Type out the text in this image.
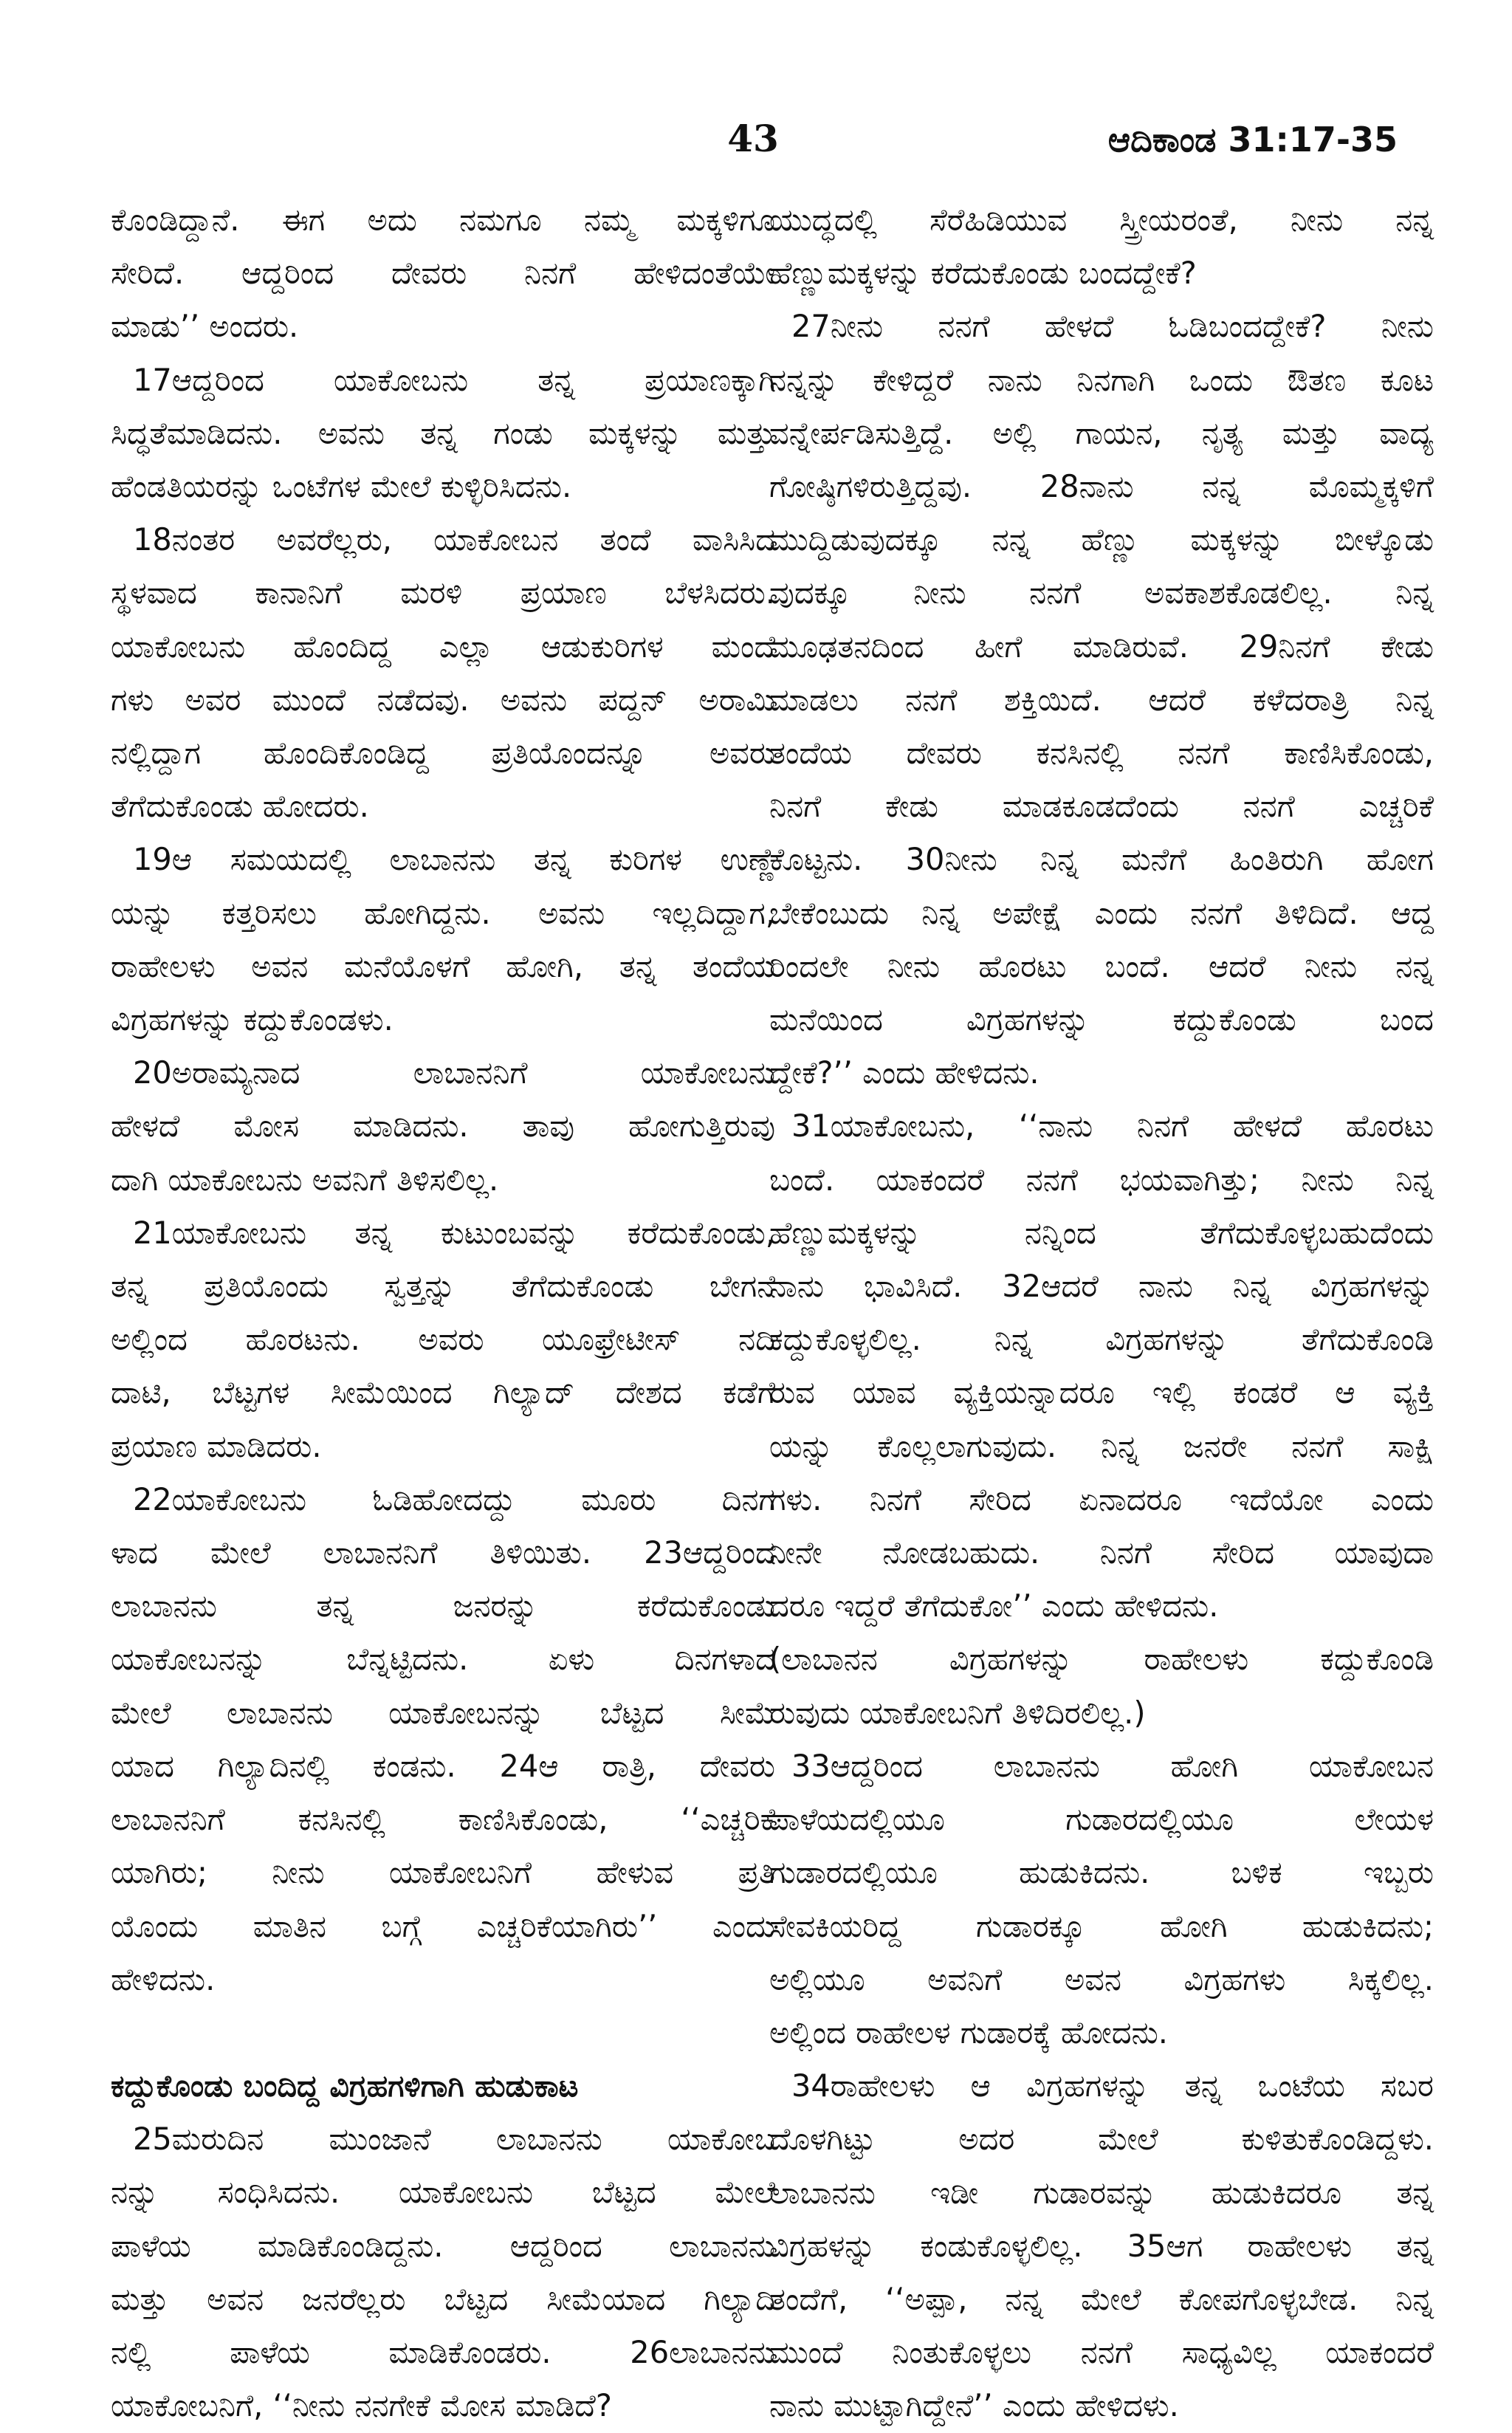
43	ಆದಿಕಾಂಡ 31:17-35
ಕೊಂಡಿದ್ದಾನೆ. ಈಗ ಅದು ನಮಗೂ ನಮ್ಮ ಮಕ್ಕಳಿಗೂ
ಸೇರಿದೆ. ಆದ್ದರಿಂದ ದೇವರು ನಿನಗೆ ಹೇಳಿದಂತೆಯೇ
ಮಾಡು’’ ಅಂದರು.
17ಆದ್ದರಿಂದ ಯಾಕೋಬನು ತನ್ನ ಪ್ರಯಾಣಕ್ಕಾಗಿ
ಸಿದ್ಧತೆಮಾಡಿದನು. ಅವನು ತನ್ನ ಗಂಡು ಮಕ್ಕಳನ್ನು ಮತ್ತು
ಹೆಂಡತಿಯರನ್ನು ಒಂಟೆಗಳ ಮೇಲೆ ಕುಳ್ಳಿರಿಸಿದನು.
18ನಂತರ ಅವರೆಲ್ಲರು, ಯಾಕೋಬನ ತಂದೆ ವಾಸಿಸಿದ
ಸ್ಥಳವಾದ ಕಾನಾನಿಗೆ ಮರಳಿ ಪ್ರಯಾಣ ಬೆಳಸಿದರು.
ಯಾಕೋಬನು ಹೊಂದಿದ್ದ ಎಲ್ಲಾ ಆಡುಕುರಿಗಳ ಮಂದೆ
ಗಳು ಅವರ ಮುಂದೆ ನಡೆದವು. ಅವನು ಪದ್ದನ್ ಅರಾಮಿ
ನಲ್ಲಿದ್ದಾಗ ಹೊಂದಿಕೊಂಡಿದ್ದ ಪ್ರತಿಯೊಂದನ್ನೂ ಅವರು
ತೆಗೆದುಕೊಂಡು ಹೋದರು.
19ಆ ಸಮಯದಲ್ಲಿ ಲಾಬಾನನು ತನ್ನ ಕುರಿಗಳ ಉಣ್ಣೆ
ಯನ್ನು ಕತ್ತರಿಸಲು ಹೋಗಿದ್ದನು. ಅವನು ಇಲ್ಲದಿದ್ದಾಗ,
ರಾಹೇಲಳು ಅವನ ಮನೆಯೊಳಗೆ ಹೋಗಿ, ತನ್ನ ತಂದೆಯ
ವಿಗ್ರಹಗಳನ್ನು ಕದ್ದುಕೊಂಡಳು.
20ಅರಾಮ್ಯನಾದ ಲಾಬಾನನಿಗೆ ಯಾಕೋಬನು
ಹೇಳದೆ ಮೋಸ ಮಾಡಿದನು. ತಾವು ಹೋಗುತ್ತಿರುವು
ದಾಗಿ ಯಾಕೋಬನು ಅವನಿಗೆ ತಿಳಿಸಲಿಲ್ಲ.
21ಯಾಕೋಬನು ತನ್ನ ಕುಟುಂಬವನ್ನು ಕರೆದುಕೊಂಡು,
ತನ್ನ ಪ್ರತಿಯೊಂದು ಸ್ವತ್ತನ್ನು ತೆಗೆದುಕೊಂಡು ಬೇಗನೆ
ಅಲ್ಲಿಂದ ಹೊರಟನು. ಅವರು ಯೂಫ್ರೇಟೀಸ್ ನದಿ
ದಾಟಿ, ಬೆಟ್ಟಗಳ ಸೀಮೆಯಿಂದ ಗಿಲ್ಯಾದ್ ದೇಶದ ಕಡೆಗೆ
ಪ್ರಯಾಣ ಮಾಡಿದರು.
22ಯಾಕೋಬನು ಓಡಿಹೋದದ್ದು ಮೂರು ದಿನಗ
ಳಾದ ಮೇಲೆ ಲಾಬಾನನಿಗೆ ತಿಳಿಯಿತು. 23ಆದ್ದರಿಂದ
ಲಾಬಾನನು ತನ್ನ ಜನರನ್ನು ಕರೆದುಕೊಂಡು
ಯಾಕೋಬನನ್ನು ಬೆನ್ನಟ್ಟಿದನು. ಏಳು ದಿನಗಳಾದ
ಮೇಲೆ ಲಾಬಾನನು ಯಾಕೋಬನನ್ನು ಬೆಟ್ಟದ ಸೀಮೆ
ಯಾದ ಗಿಲ್ಯಾದಿನಲ್ಲಿ ಕಂಡನು. 24ಆ ರಾತ್ರಿ, ದೇವರು
ಲಾಬಾನನಿಗೆ ಕನಸಿನಲ್ಲಿ ಕಾಣಿಸಿಕೊಂಡು, ‘‘ಎಚ್ಚರಿಕೆ
ಯಾಗಿರು; ನೀನು ಯಾಕೋಬನಿಗೆ ಹೇಳುವ ಪ್ರತಿ
ಯೊಂದು ಮಾತಿನ ಬಗ್ಗೆ ಎಚ್ಚರಿಕೆಯಾಗಿರು’’ ಎಂದು
ಹೇಳಿದನು.
ಕದ್ದುಕೊಂಡು ಬಂದಿದ್ದ ವಿಗ್ರಹಗಳಿಗಾಗಿ ಹುಡುಕಾಟ
25ಮರುದಿನ ಮುಂಜಾನೆ ಲಾಬಾನನು ಯಾಕೋಬ
ನನ್ನು ಸಂಧಿಸಿದನು. ಯಾಕೋಬನು ಬೆಟ್ಟದ ಮೇಲೆ
ಪಾಳೆಯ ಮಾಡಿಕೊಂಡಿದ್ದನು. ಆದ್ದರಿಂದ ಲಾಬಾನನು
ಮತ್ತು ಅವನ ಜನರೆಲ್ಲರು ಬೆಟ್ಟದ ಸೀಮೆಯಾದ ಗಿಲ್ಯಾದಿ
ನಲ್ಲಿ ಪಾಳೆಯ ಮಾಡಿಕೊಂಡರು. 26ಲಾಬಾನನು
ಯಾಕೋಬನಿಗೆ, ‘‘ನೀನು ನನಗೇಕೆ ಮೋಸ ಮಾಡಿದೆ?
ಯುದ್ಧದಲ್ಲಿ ಸೆರೆಹಿಡಿಯುವ ಸ್ತ್ರೀಯರಂತೆ, ನೀನು ನನ್ನ
ಹೆಣ್ಣುಮಕ್ಕಳನ್ನು ಕರೆದುಕೊಂಡು ಬಂದದ್ದೇಕೆ?
27ನೀನು ನನಗೆ ಹೇಳದೆ ಓಡಿಬಂದದ್ದೇಕೆ? ನೀನು
ನನ್ನನ್ನು ಕೇಳಿದ್ದರೆ ನಾನು ನಿನಗಾಗಿ ಒಂದು ಔತಣ ಕೂಟ
ವನ್ನೇರ್ಪಡಿಸುತ್ತಿದ್ದೆ. ಅಲ್ಲಿ ಗಾಯನ, ನೃತ್ಯ ಮತ್ತು ವಾದ್ಯ
ಗೋಷ್ಠಿಗಳಿರುತ್ತಿದ್ದವು. 28ನಾನು ನನ್ನ ಮೊಮ್ಮಕ್ಕಳಿಗೆ
ಮುದ್ದಿಡುವುದಕ್ಕೂ ನನ್ನ ಹೆಣ್ಣು ಮಕ್ಕಳನ್ನು ಬೀಳ್ಕೊಡು
ವುದಕ್ಕೂ ನೀನು ನನಗೆ ಅವಕಾಶಕೊಡಲಿಲ್ಲ. ನಿನ್ನ
ಮೂಢತನದಿಂದ ಹೀಗೆ ಮಾಡಿರುವೆ. 29ನಿನಗೆ ಕೇಡು
ಮಾಡಲು ನನಗೆ ಶಕ್ತಿಯಿದೆ. ಆದರೆ ಕಳೆದರಾತ್ರಿ ನಿನ್ನ
ತಂದೆಯ ದೇವರು ಕನಸಿನಲ್ಲಿ ನನಗೆ ಕಾಣಿಸಿಕೊಂಡು,
ನಿನಗೆ ಕೇಡು ಮಾಡಕೂಡದೆಂದು ನನಗೆ ಎಚ್ಚರಿಕೆ
ಕೊಟ್ಟನು. 30ನೀನು ನಿನ್ನ ಮನೆಗೆ ಹಿಂತಿರುಗಿ ಹೋಗ
ಬೇಕೆಂಬುದು ನಿನ್ನ ಅಪೇಕ್ಷೆ ಎಂದು ನನಗೆ ತಿಳಿದಿದೆ. ಆದ್ದ
ರಿಂದಲೇ ನೀನು ಹೊರಟು ಬಂದೆ. ಆದರೆ ನೀನು ನನ್ನ
ಮನೆಯಿಂದ ವಿಗ್ರಹಗಳನ್ನು ಕದ್ದುಕೊಂಡು ಬಂದ
ದ್ದೇಕೆ?’’ ಎಂದು ಹೇಳಿದನು.
31ಯಾಕೋಬನು, ‘‘ನಾನು ನಿನಗೆ ಹೇಳದೆ ಹೊರಟು
ಬಂದೆ. ಯಾಕಂದರೆ ನನಗೆ ಭಯವಾಗಿತ್ತು; ನೀನು ನಿನ್ನ
ಹೆಣ್ಣುಮಕ್ಕಳನ್ನು ನನ್ನಿಂದ ತೆಗೆದುಕೊಳ್ಳಬಹುದೆಂದು
ನಾನು ಭಾವಿಸಿದೆ. 32ಆದರೆ ನಾನು ನಿನ್ನ ವಿಗ್ರಹಗಳನ್ನು
ಕದ್ದುಕೊಳ್ಳಲಿಲ್ಲ. ನಿನ್ನ ವಿಗ್ರಹಗಳನ್ನು ತೆಗೆದುಕೊಂಡಿ
ರುವ ಯಾವ ವ್ಯಕ್ತಿಯನ್ನಾದರೂ ಇಲ್ಲಿ ಕಂಡರೆ ಆ ವ್ಯಕ್ತಿ
ಯನ್ನು ಕೊಲ್ಲಲಾಗುವುದು. ನಿನ್ನ ಜನರೇ ನನಗೆ ಸಾಕ್ಷಿ
ಗಳು. ನಿನಗೆ ಸೇರಿದ ಏನಾದರೂ ಇದೆಯೋ ಎಂದು
ನೀನೇ ನೋಡಬಹುದು. ನಿನಗೆ ಸೇರಿದ ಯಾವುದಾ
ದರೂ ಇದ್ದರೆ ತೆಗೆದುಕೋ’’ ಎಂದು ಹೇಳಿದನು.
(ಲಾಬಾನನ ವಿಗ್ರಹಗಳನ್ನು ರಾಹೇಲಳು ಕದ್ದುಕೊಂಡಿ
ರುವುದು ಯಾಕೋಬನಿಗೆ ತಿಳಿದಿರಲಿಲ್ಲ.)
33ಆದ್ದರಿಂದ ಲಾಬಾನನು ಹೋಗಿ ಯಾಕೋಬನ
ಪಾಳೆಯದಲ್ಲಿಯೂ ಗುಡಾರದಲ್ಲಿಯೂ ಲೇಯಳ
ಗುಡಾರದಲ್ಲಿಯೂ ಹುಡುಕಿದನು. ಬಳಿಕ ಇಬ್ಬರು
ಸೇವಕಿಯರಿದ್ದ ಗುಡಾರಕ್ಕೂ ಹೋಗಿ ಹುಡುಕಿದನು;
ಅಲ್ಲಿಯೂ ಅವನಿಗೆ ಅವನ ವಿಗ್ರಹಗಳು ಸಿಕ್ಕಲಿಲ್ಲ.
ಅಲ್ಲಿಂದ ರಾಹೇಲಳ ಗುಡಾರಕ್ಕೆ ಹೋದನು.
34ರಾಹೇಲಳು ಆ ವಿಗ್ರಹಗಳನ್ನು ತನ್ನ ಒಂಟೆಯ ಸಬರ
ದೊಳಗಿಟ್ಟು ಅದರ ಮೇಲೆ ಕುಳಿತುಕೊಂಡಿದ್ದಳು.
ಲಾಬಾನನು ಇಡೀ ಗುಡಾರವನ್ನು ಹುಡುಕಿದರೂ ತನ್ನ
ವಿಗ್ರಹಳನ್ನು ಕಂಡುಕೊಳ್ಳಲಿಲ್ಲ. 35ಆಗ ರಾಹೇಲಳು ತನ್ನ
ತಂದೆಗೆ, ‘‘ಅಪ್ಪಾ, ನನ್ನ ಮೇಲೆ ಕೋಪಗೊಳ್ಳಬೇಡ. ನಿನ್ನ
ಮುಂದೆ ನಿಂತುಕೊಳ್ಳಲು ನನಗೆ ಸಾಧ್ಯವಿಲ್ಲ ಯಾಕಂದರೆ
ನಾನು ಮುಟ್ಟಾಗಿದ್ದೇನೆ’’ ಎಂದು ಹೇಳಿದಳು.
